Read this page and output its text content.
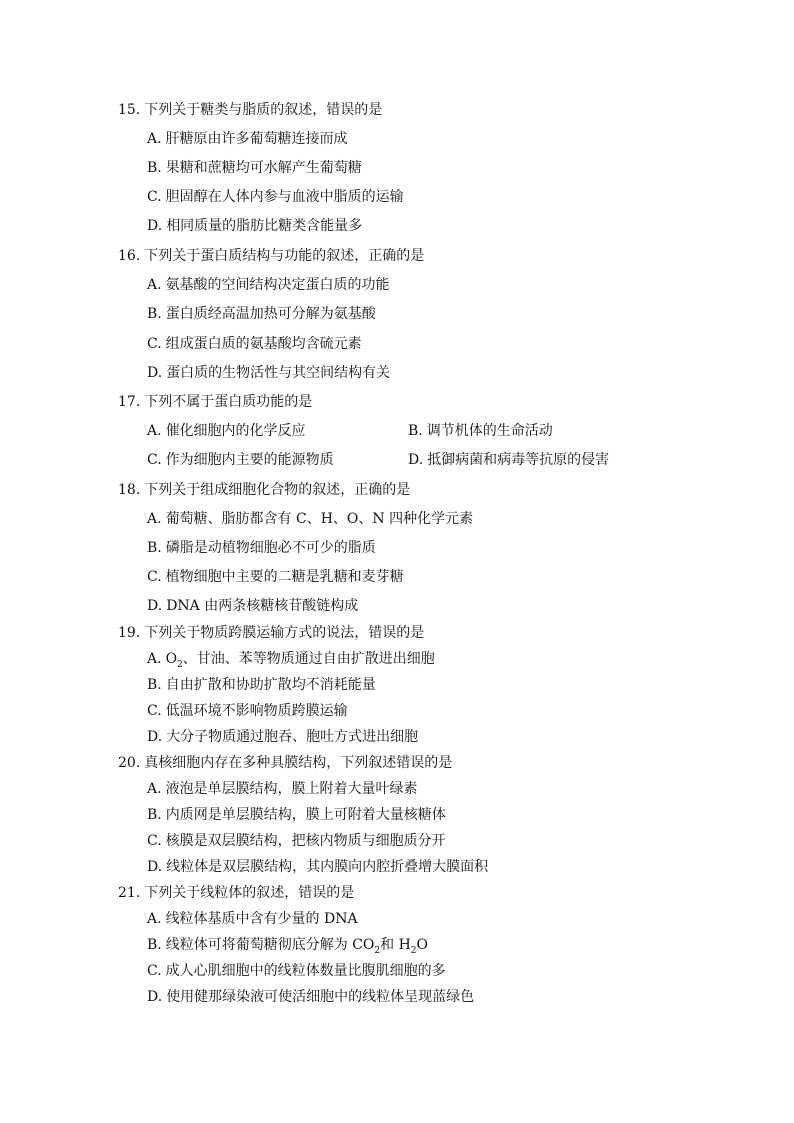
15. 下列关于糖类与脂质的叙述，错误的是
A. 肝糖原由许多葡萄糖连接而成
B. 果糖和蔗糖均可水解产生葡萄糖
C. 胆固醇在人体内参与血液中脂质的运输
D. 相同质量的脂肪比糖类含能量多
16. 下列关于蛋白质结构与功能的叙述，正确的是
A. 氨基酸的空间结构决定蛋白质的功能
B. 蛋白质经高温加热可分解为氨基酸
C. 组成蛋白质的氨基酸均含硫元素
D. 蛋白质的生物活性与其空间结构有关
17. 下列不属于蛋白质功能的是
A. 催化细胞内的化学反应	B. 调节机体的生命活动
C. 作为细胞内主要的能源物质	D. 抵御病菌和病毒等抗原的侵害
18. 下列关于组成细胞化合物的叙述，正确的是
A. 葡萄糖、脂肪都含有 C、H、O、N 四种化学元素
B. 磷脂是动植物细胞必不可少的脂质
C. 植物细胞中主要的二糖是乳糖和麦芽糖
D. DNA 由两条核糖核苷酸链构成
19. 下列关于物质跨膜运输方式的说法，错误的是
A. $O_2$、甘油、苯等物质通过自由扩散进出细胞
B. 自由扩散和协助扩散均不消耗能量
C. 低温环境不影响物质跨膜运输
D. 大分子物质通过胞吞、胞吐方式进出细胞
20. 真核细胞内存在多种具膜结构，下列叙述错误的是
A. 液泡是单层膜结构，膜上附着大量叶绿素
B. 内质网是单层膜结构，膜上可附着大量核糖体
C. 核膜是双层膜结构，把核内物质与细胞质分开
D. 线粒体是双层膜结构，其内膜向内腔折叠增大膜面积
21. 下列关于线粒体的叙述，错误的是
A. 线粒体基质中含有少量的 DNA
B. 线粒体可将葡萄糖彻底分解为 $CO_2$和 $H_2O$
C. 成人心肌细胞中的线粒体数量比腹肌细胞的多
D. 使用健那绿染液可使活细胞中的线粒体呈现蓝绿色
